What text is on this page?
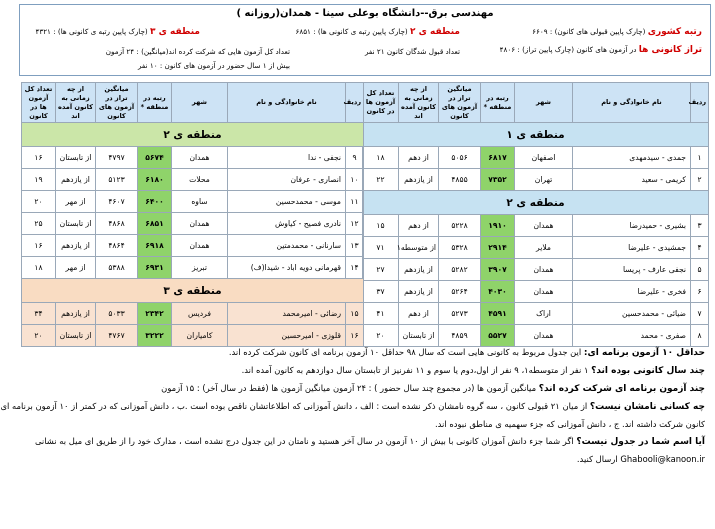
مهندسی برق--دانشگاه بوعلی سینا - همدان(روزانه )
رتبه کشوری (چارک پایین قبولی های کانون) : ۶۶۰۹
منطقه ی ۲ (چارک پایین رتبه ی کانونی ها) : ۶۸۵۱
منطقه ی ۳ (چارک پایین رتبه ی کانونی ها) : ۴۳۲۱
تراز کانونی ها در آزمون های کانون (چارک پایین تراز) : ۴۸۰۶
تعداد قبول شدگان کانون ۲۱ نفر
تعداد کل آزمون هایی که شرکت کرده اند(میانگین) : ۲۴ آزمون
بیش از ۱ سال حضور در آزمون های کانون : ۱۰ نفر
ردیف	نام خانوادگی و نام	شهر	رتبه در منطقه *	میانگین تراز در آزمون های کانون	از چه زمانی به کانون آمده اند	تعداد کل آزمون ها در کانون
منطقه ی ۱						
۱	جمدی - سیدمهدی	اصفهان	۶۸۱۷	۵۰۵۶	از دهم	۱۸
۲	کریمی - سعید	تهران	۷۳۵۲	۴۸۵۵	از یازدهم	۲۲
منطقه ی ۲						
۳	بشیری - حمیدرضا	همدان	۱۹۱۰	۵۲۲۸	از دهم	۱۵
۴	جمشیدی - علیرضا	ملایر	۲۹۱۴	۵۳۲۸	از متوسطه۱	۷۱
۵	نجفی عارف - پریسا	همدان	۳۹۰۷	۵۲۸۲	از یازدهم	۲۷
۶	فخری - علیرضا	همدان	۴۰۳۰	۵۲۶۴	از یازدهم	۳۷
۷	ضیائی - محمدحسین	اراک	۴۵۹۱	۵۲۷۳	از دهم	۴۱
۸	صفری - محمد	همدان	۵۵۲۷	۴۸۵۹	از تابستان	۲۰
ردیف	نام خانوادگی و نام	شهر	رتبه در منطقه *	میانگین تراز در آزمون های کانون	از چه زمانی به کانون آمده اند	تعداد کل آزمون ها در کانون
منطقه ی ۲						
۹	نجفی - ندا	همدان	۵۶۷۴	۴۷۹۷	از تابستان	۱۶
۱۰	انصاری - عرفان	محلات	۶۱۸۰	۵۱۲۳	از یازدهم	۱۹
۱۱	موسی - محمدحسین	ساوه	۶۴۰۰	۴۶۰۷	از مهر	۲۰
۱۲	نادری فصیح - کیاوش	همدان	۶۸۵۱	۴۸۶۸	از تابستان	۲۵
۱۳	سارنانی - محمدمتین	همدان	۶۹۱۸	۴۸۶۴	از یازدهم	۱۶
۱۴	قهرمانی دویه اباد - شیدا(ف)	تبریز	۶۹۳۱	۵۳۸۸	از مهر	۱۸
منطقه ی ۳						
۱۵	رضائی - امیرمحمد	فردیس	۲۳۴۲	۵۰۳۳	از یازدهم	۳۴
۱۶	قلوزی - امیرحسین	کامیاران	۳۲۲۲	۴۷۶۷	از تابستان	۲۰

حداقل ۱۰ آزمون برنامه ای: این جدول مربوط به کانونی هایی است که سال ۹۸ حداقل ۱۰ آزمون برنامه ای کانون شرکت کرده اند.

چند سال کانونی بوده اند؟ ۱ نفر از متوسطه۱، ۹ نفر از اول،دوم یا سوم و ۱۱ نفرنیز از تابستان سال دوازدهم به کانون آمده اند.

چند آزمون برنامه ای شرکت کرده اند؟ میانگین آزمون ها (در مجموع چند سال حضور ) : ۲۴ آزمون میانگین آزمون ها (فقط در سال آخر) : ۱۵ آزمون

چه کسانی نامشان نیست؟ از میان ۲۱ قبولی کانون ، سه گروه نامشان ذکر نشده است : الف ، دانش آموزانی که اطلاعاتشان ناقص بوده است .ب ، دانش آموزانی که در کمتر از ۱۰ آزمون برنامه ای

کانون شرکت داشته اند. ج ، دانش آموزانی که جزء سهمیه ی مناطق نبوده اند.

آیا اسم شما در جدول نیست؟ اگر شما جزء دانش آموزان کانونی با بیش از ۱۰ آزمون در سال آخر هستید و نامتان در این جدول درج نشده است ، مدارک خود را از طریق ای میل به نشانی

Ghabooli@kanoon.ir ارسال کنید.
